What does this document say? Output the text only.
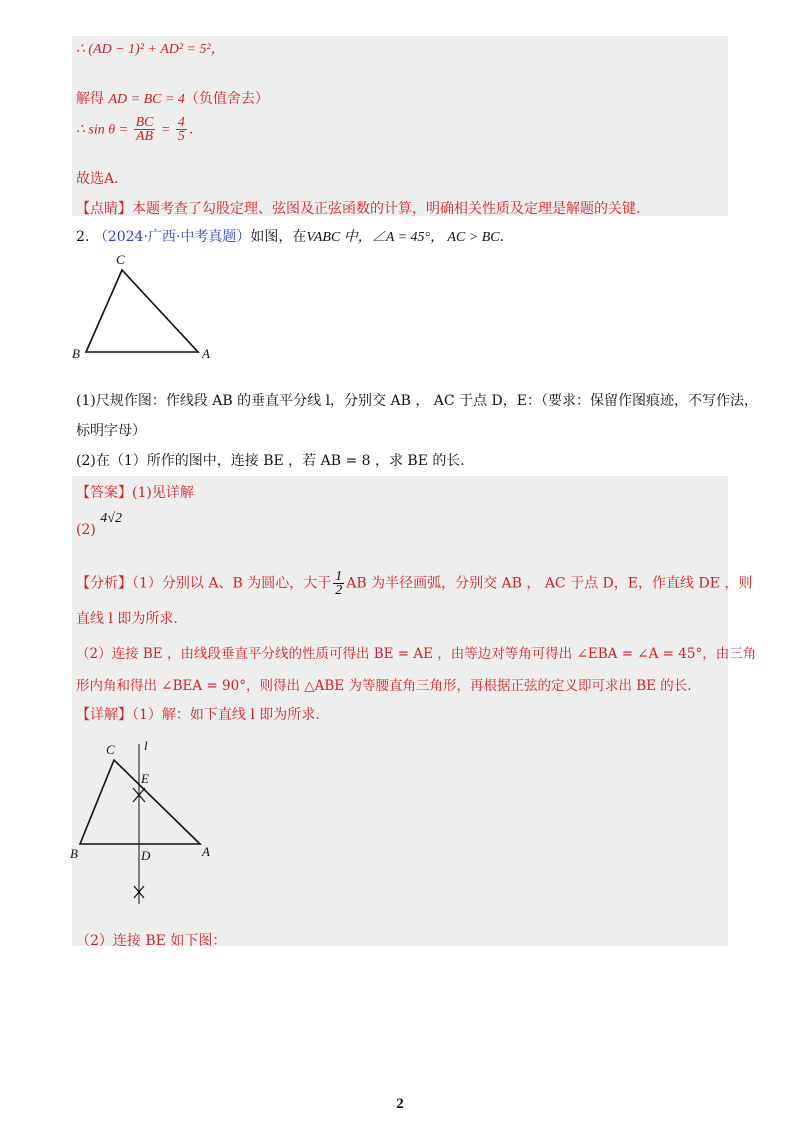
∴ (AD − 1)² + AD² = 5²，
解得 AD = BC = 4（负值舍去）
∴ $\sin \theta = \frac{BC}{AB} = \frac{4}{5}$ .
故选A.
【点睛】本题考查了勾股定理、弦图及正弦函数的计算，明确相关性质及定理是解题的关键.
2. （2024·广西·中考真题）如图，在VABC 中，∠A = 45°， AC > BC.
C
B	A
(1)尺规作图：作线段 AB 的垂直平分线 l，分别交 AB ， AC 于点 D，E：（要求：保留作图痕迹，不写作法，
标明字母）
(2)在（1）所作的图中，连接 BE ，若 AB = 8 ，求 BE 的长.
【答案】(1)见详解
(2) 4√2
【分析】（1）分别以 A、B 为圆心，大于 $\frac{1}{2}$ AB 为半径画弧，分别交 AB ， AC 于点 D，E，作直线 DE ，则
直线 l 即为所求.
（2）连接 BE ，由线段垂直平分线的性质可得出 BE = AE ，由等边对等角可得出 ∠EBA = ∠A = 45°，由三角
形内角和得出 ∠BEA = 90°，则得出 △ABE 为等腰直角三角形，再根据正弦的定义即可求出 BE 的长.
【详解】（1）解：如下直线 l 即为所求.
C l
E
B	D	A
（2）连接 BE 如下图：
2
